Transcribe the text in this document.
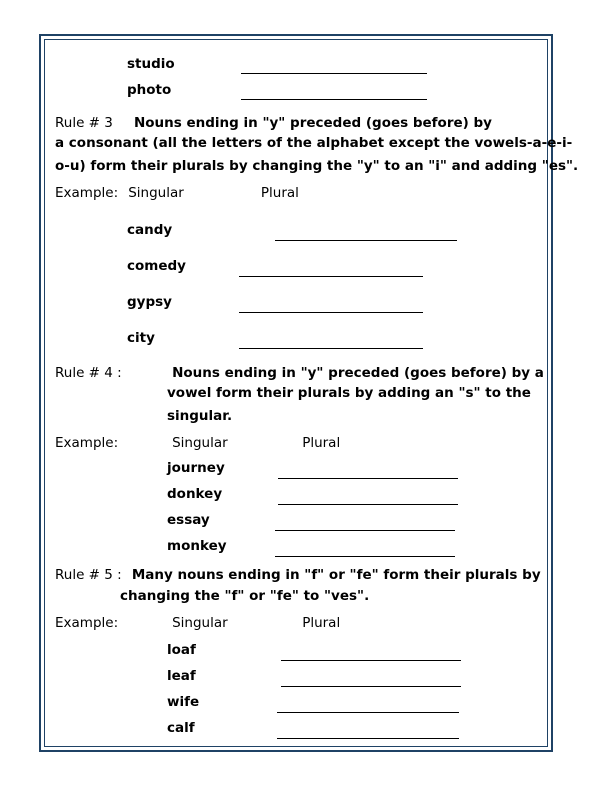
studio
photo
Rule # 3 Nouns ending in "y" preceded (goes before) by
a consonant (all the letters of the alphabet except the vowels-a-e-i-
o-u) form their plurals by changing the "y" to an "i" and adding "es".
Example: Singular	Plural
candy
comedy
gypsy
city
Rule # 4 :	Nouns ending in "y" preceded (goes before) by a
vowel form their plurals by adding an "s" to the
singular.
Example:	Singular	Plural
journey
donkey
essay
monkey
Rule # 5 : Many nouns ending in "f" or "fe" form their plurals by
changing the "f" or "fe" to "ves".
Example:	Singular	Plural
loaf
leaf
wife
calf
